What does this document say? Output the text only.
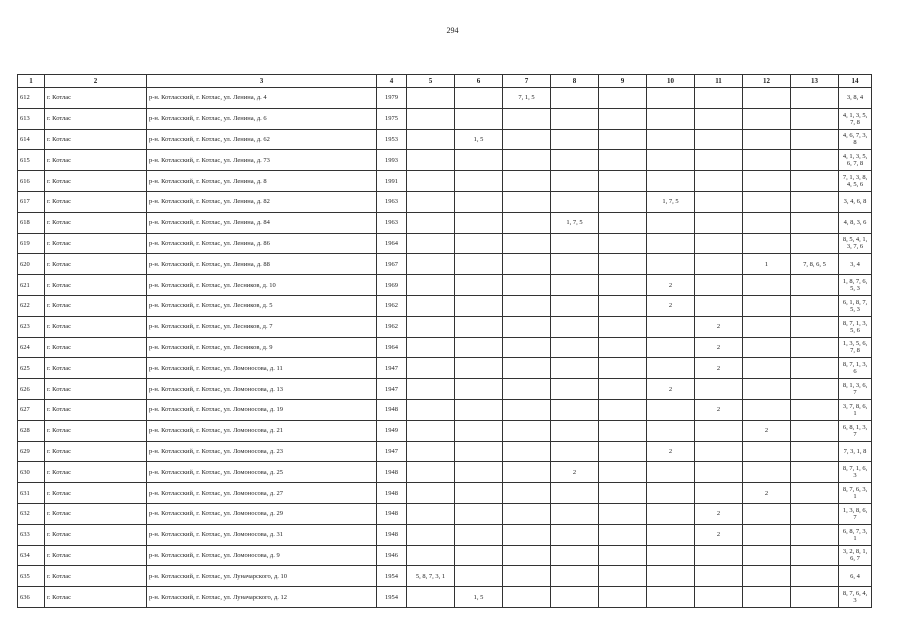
294
1	2	3	4	5	6	7	8	9	10	11	12	13	14
612	г. Котлас	р-н. Котласский, г. Котлас, ул. Ленина, д. 4	1979			7, 1, 5							3, 8, 4
613	г. Котлас	р-н. Котласский, г. Котлас, ул. Ленина, д. 6	1975										4, 1, 3, 5, 7, 8
614	г. Котлас	р-н. Котласский, г. Котлас, ул. Ленина, д. 62	1953		1, 5								4, 6, 7, 3, 8
615	г. Котлас	р-н. Котласский, г. Котлас, ул. Ленина, д. 73	1993										4, 1, 3, 5, 6, 7, 8
616	г. Котлас	р-н. Котласский, г. Котлас, ул. Ленина, д. 8	1991										7, 1, 3, 8, 4, 5, 6
617	г. Котлас	р-н. Котласский, г. Котлас, ул. Ленина, д. 82	1963						1, 7, 5				3, 4, 6, 8
618	г. Котлас	р-н. Котласский, г. Котлас, ул. Ленина, д. 84	1963				1, 7, 5						4, 8, 3, 6
619	г. Котлас	р-н. Котласский, г. Котлас, ул. Ленина, д. 86	1964										8, 5, 4, 1, 3, 7, 6
620	г. Котлас	р-н. Котласский, г. Котлас, ул. Ленина, д. 88	1967								1	7, 8, 6, 5	3, 4
621	г. Котлас	р-н. Котласский, г. Котлас, ул. Лесников, д. 10	1969						2				1, 8, 7, 6, 5, 3
622	г. Котлас	р-н. Котласский, г. Котлас, ул. Лесников, д. 5	1962						2				6, 1, 8, 7, 5, 3
623	г. Котлас	р-н. Котласский, г. Котлас, ул. Лесников, д. 7	1962							2			8, 7, 1, 3, 5, 6
624	г. Котлас	р-н. Котласский, г. Котлас, ул. Лесников, д. 9	1964							2			1, 3, 5, 6, 7, 8
625	г. Котлас	р-н. Котласский, г. Котлас, ул. Ломоносова, д. 11	1947							2			8, 7, 1, 3, 6
626	г. Котлас	р-н. Котласский, г. Котлас, ул. Ломоносова, д. 13	1947						2				8, 1, 3, 6, 7
627	г. Котлас	р-н. Котласский, г. Котлас, ул. Ломоносова, д. 19	1948							2			3, 7, 8, 6, 1
628	г. Котлас	р-н. Котласский, г. Котлас, ул. Ломоносова, д. 21	1949								2		6, 8, 1, 3, 7
629	г. Котлас	р-н. Котласский, г. Котлас, ул. Ломоносова, д. 23	1947						2				7, 3, 1, 8
630	г. Котлас	р-н. Котласский, г. Котлас, ул. Ломоносова, д. 25	1948				2						8, 7, 1, 6, 3
631	г. Котлас	р-н. Котласский, г. Котлас, ул. Ломоносова, д. 27	1948								2		8, 7, 6, 3, 1
632	г. Котлас	р-н. Котласский, г. Котлас, ул. Ломоносова, д. 29	1948							2			1, 3, 8, 6, 7
633	г. Котлас	р-н. Котласский, г. Котлас, ул. Ломоносова, д. 31	1948							2			6, 8, 7, 3, 1
634	г. Котлас	р-н. Котласский, г. Котлас, ул. Ломоносова, д. 9	1946										3, 2, 8, 1, 6, 7
635	г. Котлас	р-н. Котласский, г. Котлас, ул. Луначарского, д. 10	1954	5, 8, 7, 3, 1									6, 4
636	г. Котлас	р-н. Котласский, г. Котлас, ул. Луначарского, д. 12	1954		1, 5								8, 7, 6, 4, 3
